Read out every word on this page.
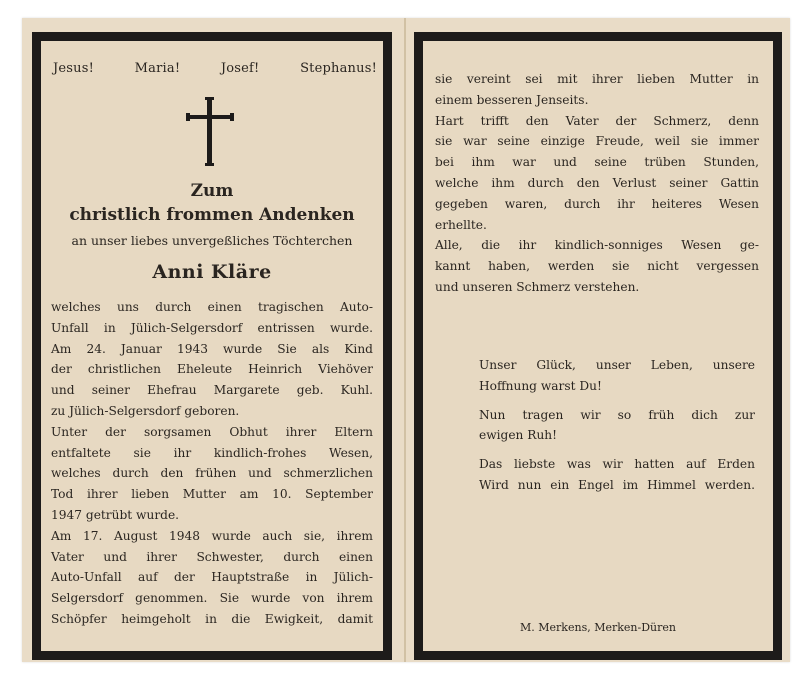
Jesus!	Maria!	Josef!	Stephanus!
Zum
christlich frommen Andenken
an unser liebes unvergeßliches Töchterchen
Anni Kläre
welches uns durch einen tragischen Auto-
Unfall in Jülich-Selgersdorf entrissen wurde.
Am 24. Januar 1943 wurde Sie als Kind
der christlichen Eheleute Heinrich Viehöver
und seiner Ehefrau Margarete geb. Kuhl.
zu Jülich-Selgersdorf geboren.
Unter der sorgsamen Obhut ihrer Eltern
entfaltete sie ihr kindlich-frohes Wesen,
welches durch den frühen und schmerzlichen
Tod ihrer lieben Mutter am 10. September
1947 getrübt wurde.
Am 17. August 1948 wurde auch sie, ihrem
Vater und ihrer Schwester, durch einen
Auto-Unfall auf der Hauptstraße in Jülich-
Selgersdorf genommen. Sie wurde von ihrem
Schöpfer heimgeholt in die Ewigkeit, damit
sie vereint sei mit ihrer lieben Mutter in
einem besseren Jenseits.
Hart trifft den Vater der Schmerz, denn
sie war seine einzige Freude, weil sie immer
bei ihm war und seine trüben Stunden,
welche ihm durch den Verlust seiner Gattin
gegeben waren, durch ihr heiteres Wesen
erhellte.
Alle, die ihr kindlich-sonniges Wesen ge-
kannt haben, werden sie nicht vergessen
und unseren Schmerz verstehen.
Unser Glück, unser Leben, unsere
Hoffnung warst Du!
Nun tragen wir so früh dich zur
ewigen Ruh!
Das liebste was wir hatten auf Erden
Wird nun ein Engel im Himmel werden.
M. Merkens, Merken-Düren
